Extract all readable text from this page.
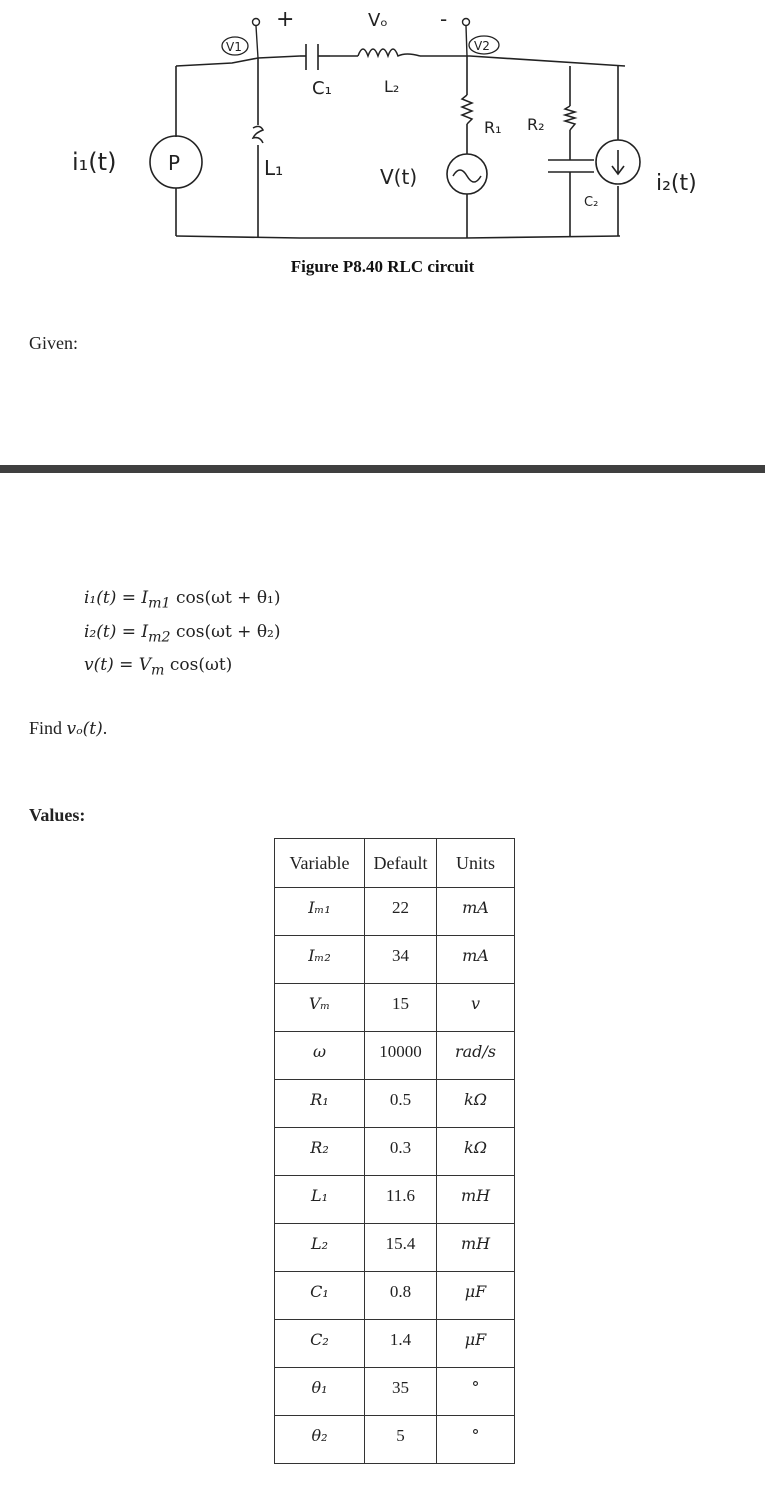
i₁(t)	P
V1
+
C₁
Vₒ
L₂
-
V2
L₁	V(t)
R₁ R₂
C₂
i₂(t)
Figure P8.40 RLC circuit
Given:
$i_1(t) = I_{m1}$ cos(ωt + θ₁)
$i_2(t) = I_{m2}$ cos(ωt + θ₂)
$v(t) = V_m$ cos(ωt)
Find vₒ(t).
Values:
Variable	Default	Units
Iₘ₁	22	mA
Iₘ₂	34	mA
Vₘ	15	v
ω	10000	rad/s
R₁	0.5	kΩ
R₂	0.3	kΩ
L₁	11.6	mH
L₂	15.4	mH
C₁	0.8	μF
C₂	1.4	μF
θ₁	35	°
θ₂	5	°
